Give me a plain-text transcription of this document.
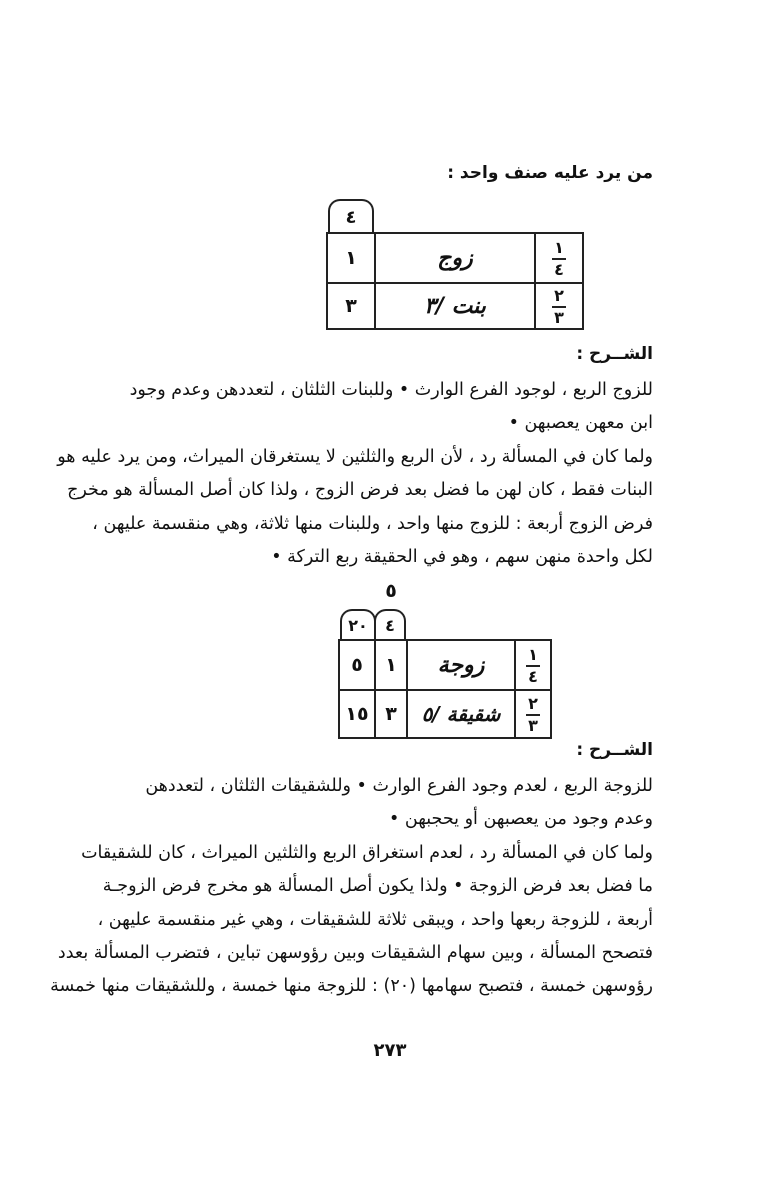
من يرد عليه صنف واحد :
٤
$\frac{١}{٤}$	زوج	١

$\frac{٢}{٣}$	بنت /٣	٣
الشــرح :
للزوج الربع ، لوجود الفرع الوارث • وللبنات الثلثان ، لتعددهن وعدم وجود
ابن معهن يعصبهن •
ولما كان في المسألة رد ، لأن الربع والثلثين لا يستغرقان الميراث، ومن يرد عليه هو
البنات فقط ، كان لهن ما فضل بعد فرض الزوج ، ولذا كان أصل المسألة هو مخرج
فرض الزوج أربعة : للزوج منها واحد ، وللبنات منها ثلاثة، وهي منقسمة عليهن ،
لكل واحدة منهن سهم ، وهو في الحقيقة ربع التركة •
٥
٤
٢٠
$\frac{١}{٤}$	زوجة	١	٥

$\frac{٢}{٣}$	شقيقة /٥	٣	١٥
الشــرح :
للزوجة الربع ، لعدم وجود الفرع الوارث • وللشقيقات الثلثان ، لتعددهن
وعدم وجود من يعصبهن أو يحجبهن •
ولما كان في المسألة رد ، لعدم استغراق الربع والثلثين الميراث ، كان للشقيقات
ما فضل بعد فرض الزوجة • ولذا يكون أصل المسألة هو مخرج فرض الزوجـة
أربعة ، للزوجة ربعها واحد ، ويبقى ثلاثة للشقيقات ، وهي غير منقسمة عليهن ،
فتصحح المسألة ، وبين سهام الشقيقات وبين رؤوسهن تباين ، فتضرب المسألة بعدد
رؤوسهن خمسة ، فتصبح سهامها (٢٠) : للزوجة منها خمسة ، وللشقيقات منها خمسة
٢٧٣
